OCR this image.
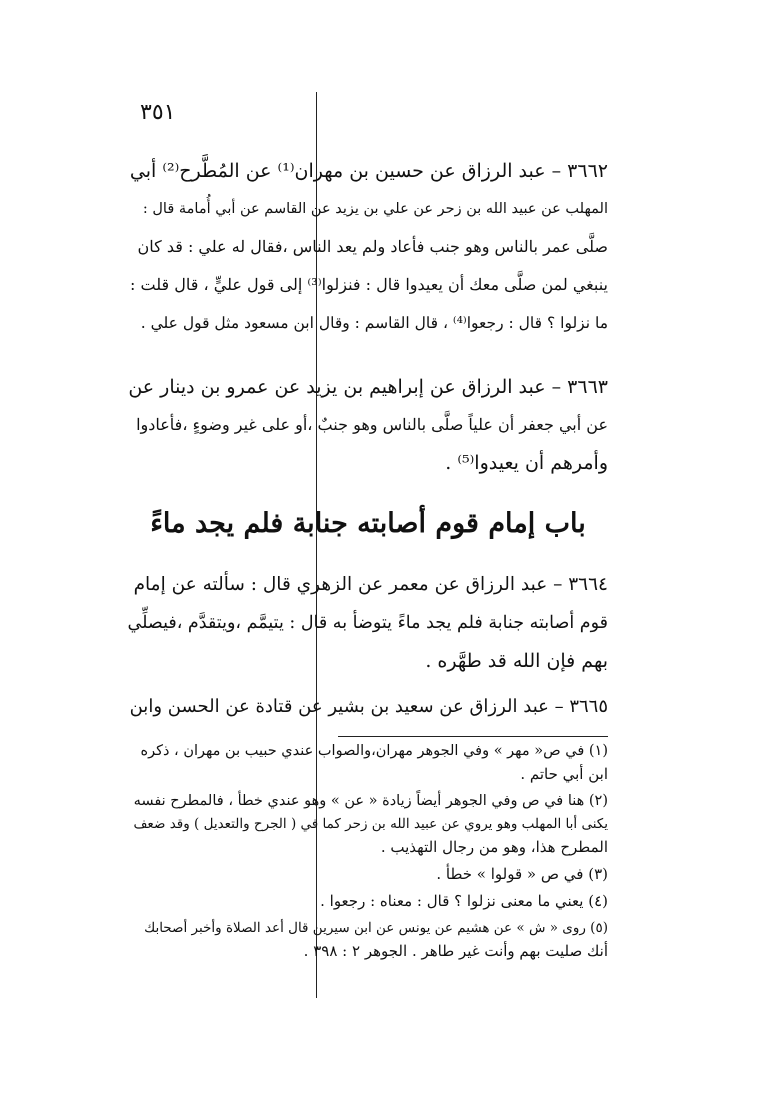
٣٥١

٣٦٦٢ – عبد الرزاق عن حسين بن مهران⁽¹⁾ عن المُطَّرح⁽²⁾ أبي

المهلب عن عبيد الله بن زحر عن علي بن يزيد عن القاسم عن أبي أُمامة قال :

صلَّى عمر بالناس وهو جنب فأعاد ولم يعد الناس ،فقال له علي : قد كان

ينبغي لمن صلَّى معك أن يعيدوا قال : فنزلوا⁽³⁾ إلى قول عليٍّ ، قال قلت :

ما نزلوا ؟ قال : رجعوا⁽⁴⁾ ، قال القاسم : وقال ابن مسعود مثل قول علي .

٣٦٦٣ – عبد الرزاق عن إبراهيم بن يزيد عن عمرو بن دينار عن

عن أبي جعفر أن علياً صلَّى بالناس وهو جنبٌ ،أو على غير وضوءٍ ،فأعادوا

وأمرهم أن يعيدوا⁽⁵⁾ .

باب إمام قوم أصابته جنابة فلم يجد ماءً

٣٦٦٤ – عبد الرزاق عن معمر عن الزهري قال : سألته عن إمام

قوم أصابته جنابة فلم يجد ماءً يتوضأ به قال : يتيمَّم ،ويتقدَّم ،فيصلِّي

بهم فإن الله قد طهَّره .

٣٦٦٥ – عبد الرزاق عن سعيد بن بشير عن قتادة عن الحسن وابن

(١) في ص« مهر » وفي الجوهر مهران،والصواب عندي حبيب بن مهران ، ذكره

ابن أبي حاتم .

(٢) هنا في ص وفي الجوهر أيضاً زيادة « عن » وهو عندي خطأ ، فالمطرح نفسه

يكنى أبا المهلب وهو يروي عن عبيد الله بن زحر كما في ( الجرح والتعديل ) وقد ضعف

المطرح هذا، وهو من رجال التهذيب .

(٣) في ص « قولوا » خطأ .

(٤) يعني ما معنى نزلوا ؟ قال : معناه : رجعوا .

(٥) روى « ش » عن هشيم عن يونس عن ابن سيرين قال أعد الصلاة وأخبر أصحابك

أنك صليت بهم وأنت غير طاهر . الجوهر ٢ : ٣٩٨ .
